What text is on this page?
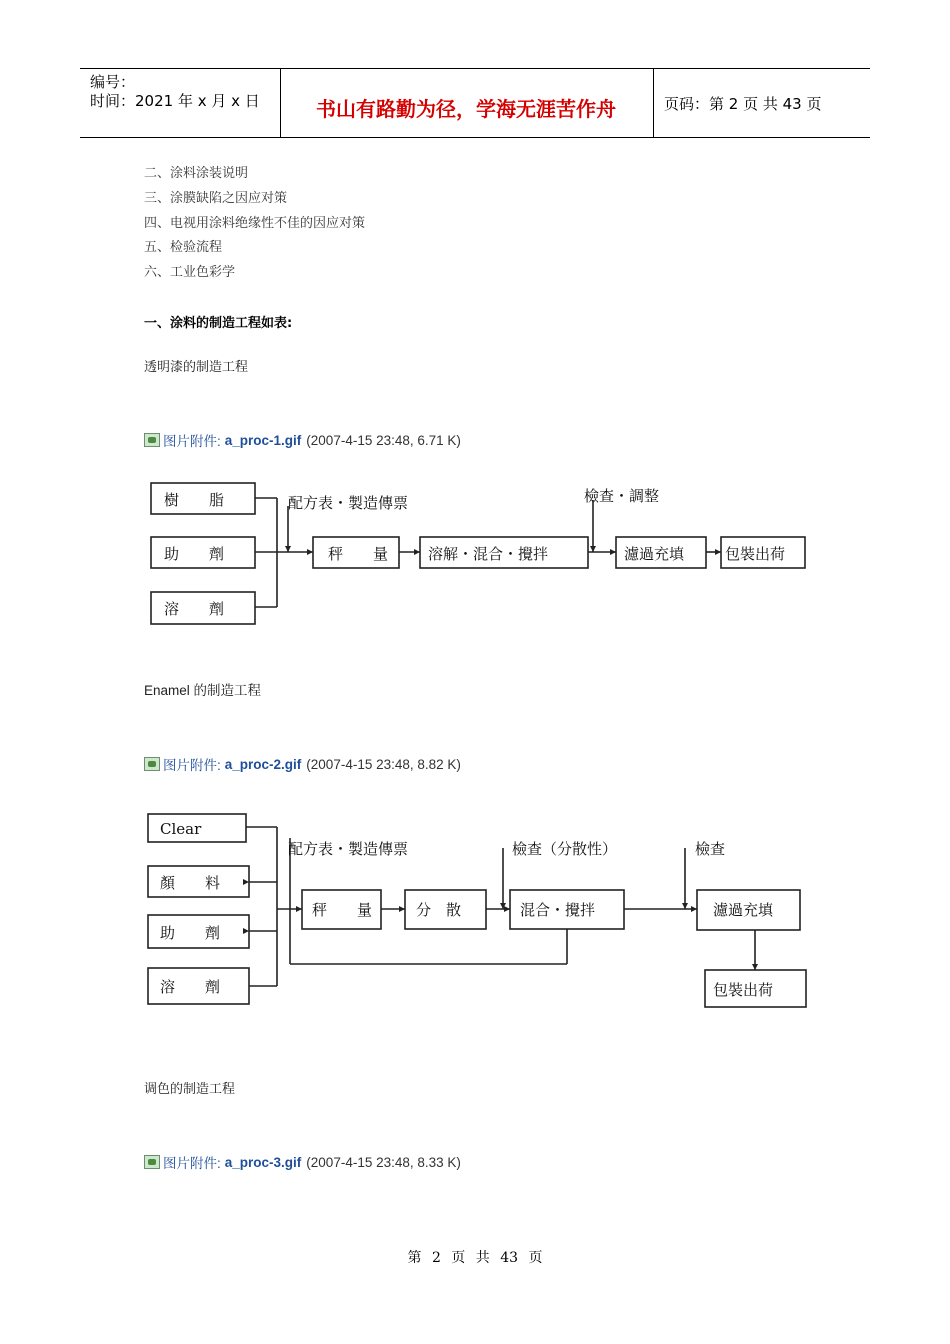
编号：
时间：2021 年 x 月 x 日	书山有路勤为径，学海无涯苦作舟	页码：第 2 页 共 43 页
二、涂料涂装说明
三、涂膜缺陷之因应对策
四、电视用涂料绝缘性不佳的因应对策
五、检验流程
六、工业色彩学
一、涂料的制造工程如表:
透明漆的制造工程
图片附件: a_proc-1.gif (2007-4-15 23:48, 6.71 K)
樹　　脂
助　　劑
溶　　劑
配方表・製造傳票
秤　　量	溶解・混合・攪拌
檢查・調整
濾過充填	包裝出荷
Enamel 的制造工程
图片附件: a_proc-2.gif (2007-4-15 23:48, 8.82 K)
Clear
顏　　料
助　　劑
溶　　劑
配方表・製造傳票
秤　　量	分　散
檢查（分散性）
混合・攪拌
檢查
濾過充填
包裝出荷
调色的制造工程
图片附件: a_proc-3.gif (2007-4-15 23:48, 8.33 K)
第 2 页 共 43 页
